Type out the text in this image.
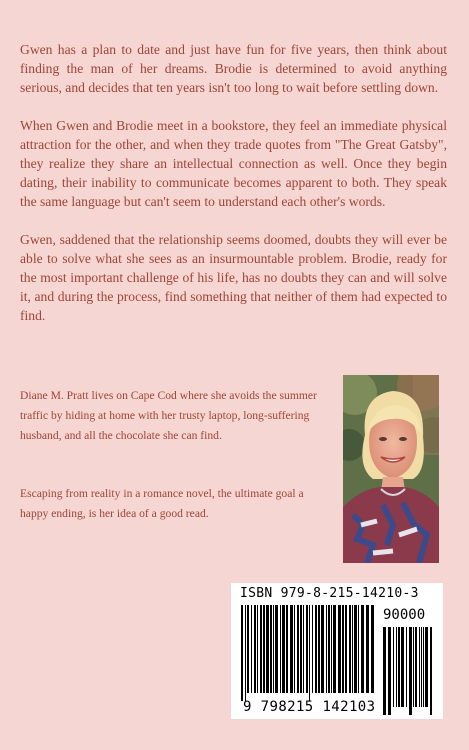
Gwen has a plan to date and just have fun for five years, then think about finding the man of her dreams. Brodie is determined to avoid anything serious, and decides that ten years isn't too long to wait before settling down.

When Gwen and Brodie meet in a bookstore, they feel an immediate physical attraction for the other, and when they trade quotes from "The Great Gatsby", they realize they share an intellectual connection as well. Once they begin dating, their inability to communicate becomes apparent to both. They speak the same language but can't seem to understand each other's words.

Gwen, saddened that the relationship seems doomed, doubts they will ever be able to solve what she sees as an insurmountable problem. Brodie, ready for the most important challenge of his life, has no doubts they can and will solve it, and during the process, find something that neither of them had expected to find.

Diane M. Pratt lives on Cape Cod where she avoids the summer traffic by hiding at home with her trusty laptop, long-suffering husband, and all the chocolate she can find.

Escaping from reality in a romance novel, the ultimate goal a happy ending, is her idea of a good read.

ISBN 979-8-215-14210-3
90000
9 798215 142103
